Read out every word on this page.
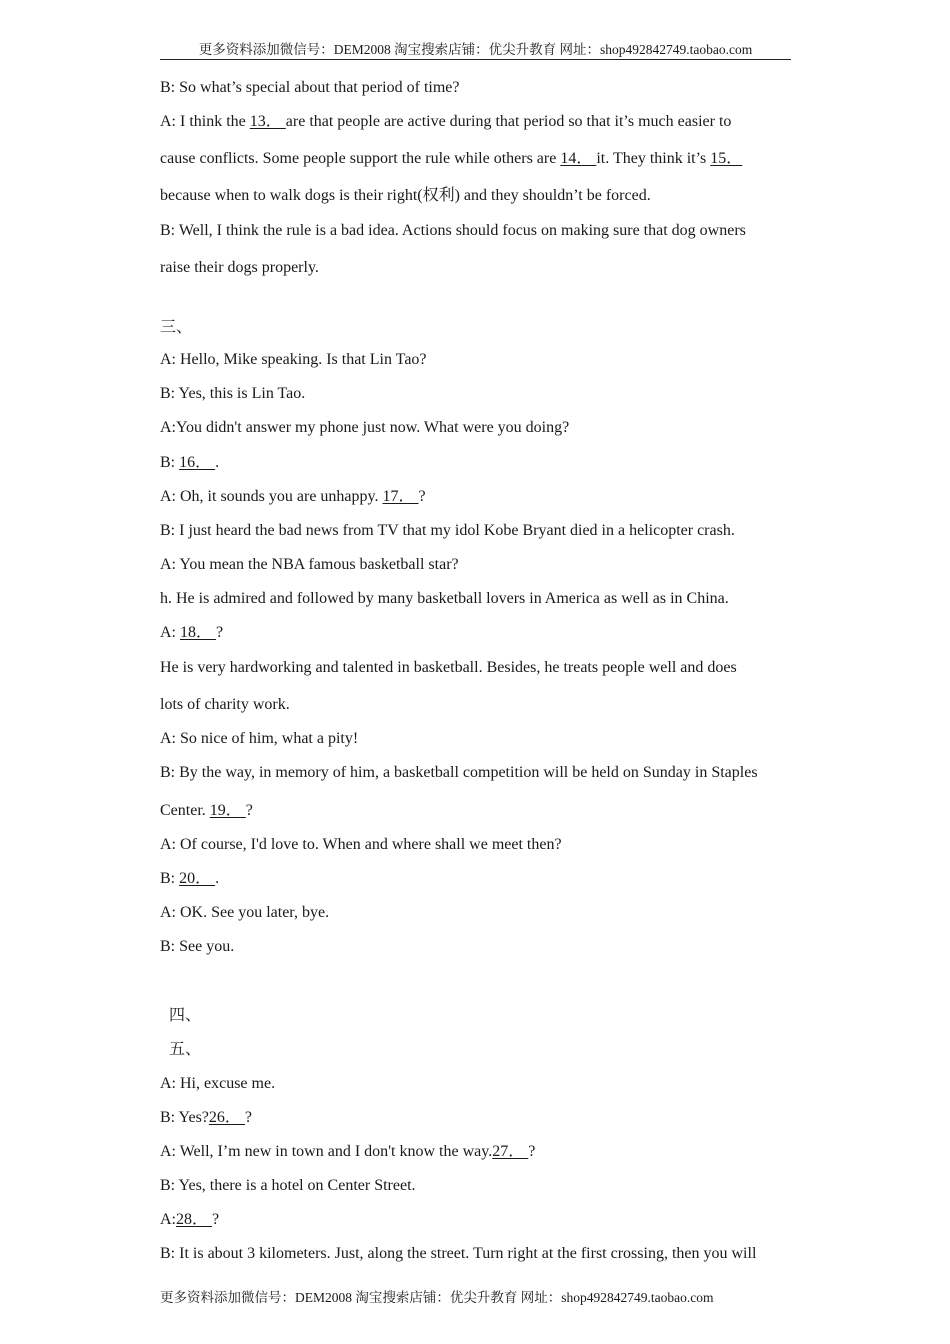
更多资料添加微信号：DEM2008 淘宝搜索店铺：优尖升教育 网址：shop492842749.taobao.com
B: So what’s special about that period of time?
A: I think the 13． are that people are active during that period so that it’s much easier to
cause conflicts. Some people support the rule while others are 14． it. They think it’s 15．
because when to walk dogs is their right(权利) and they shouldn’t be forced.
B: Well, I think the rule is a bad idea. Actions should focus on making sure that dog owners
raise their dogs properly.
三、
A: Hello, Mike speaking. Is that Lin Tao?
B: Yes, this is Lin Tao.
A:You didn't answer my phone just now. What were you doing?
B: 16． .
A: Oh, it sounds you are unhappy. 17． ?
B: I just heard the bad news from TV that my idol Kobe Bryant died in a helicopter crash.
A: You mean the NBA famous basketball star?
h. He is admired and followed by many basketball lovers in America as well as in China.
A: 18． ?
He is very hardworking and talented in basketball. Besides, he treats people well and does
lots of charity work.
A: So nice of him, what a pity!
B: By the way, in memory of him, a basketball competition will be held on Sunday in Staples
Center. 19． ?
A: Of course, I'd love to. When and where shall we meet then?
B: 20． .
A: OK. See you later, bye.
B: See you.
四、
五、
A: Hi, excuse me.
B: Yes?26． ?
A: Well, I’m new in town and I don't know the way.27． ?
B: Yes, there is a hotel on Center Street.
A:28． ?
B: It is about 3 kilometers. Just, along the street. Turn right at the first crossing, then you will
更多资料添加微信号：DEM2008 淘宝搜索店铺：优尖升教育 网址：shop492842749.taobao.com
